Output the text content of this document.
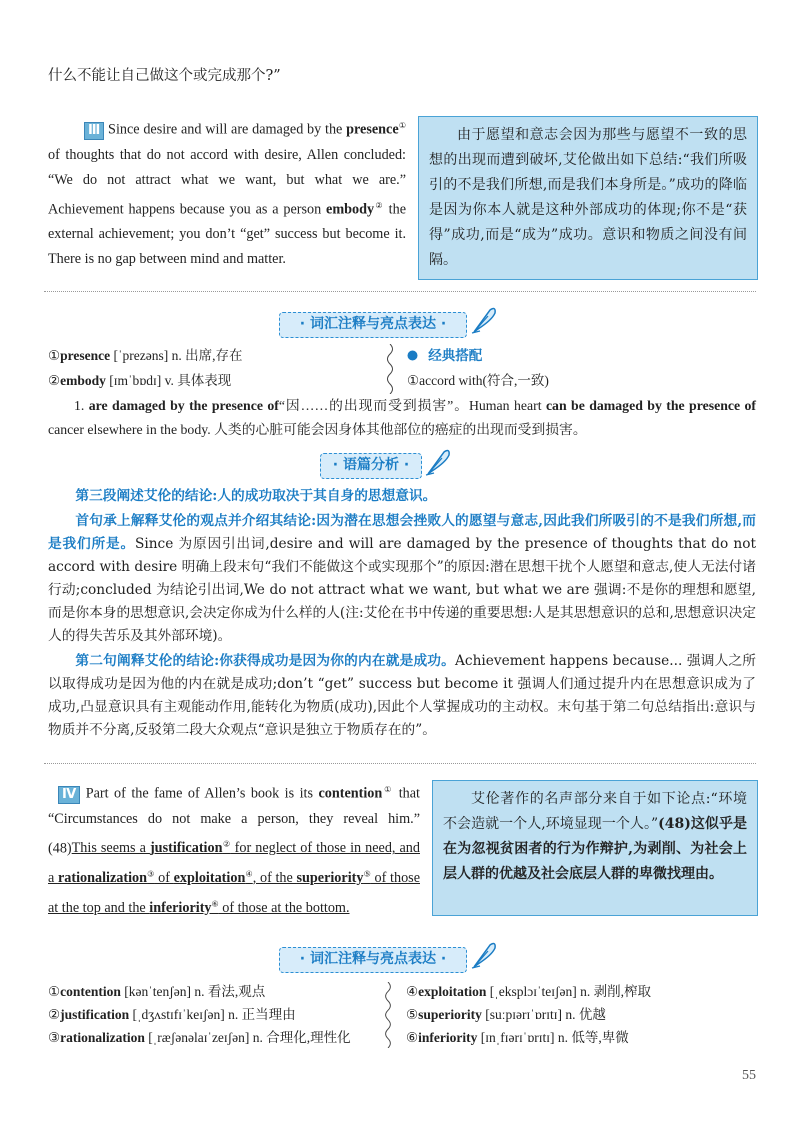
什么不能让自己做这个或完成那个?”
Ⅲ Since desire and will are damaged by the presence① of thoughts that do not accord with desire, Allen concluded: “We do not attract what we want, but what we are.” Achievement happens because you as a person embody② the external achievement; you don’t “get” success but become it. There is no gap between mind and matter.

由于愿望和意志会因为那些与愿望不一致的思想的出现而遭到破坏,艾伦做出如下总结:“我们所吸引的不是我们所想,而是我们本身所是。”成功的降临是因为你本人就是这种外部成功的体现;你不是“获得”成功,而是“成为”成功。意识和物质之间没有间隔。

· 词汇注释与亮点表达 ·
①presence [ˈprezəns] n. 出席,存在
②embody [ɪmˈbɒdɪ] v. 具体表现
经典搭配
①accord with(符合,一致)
1. are damaged by the presence of“因……的出现而受到损害”。Human heart can be damaged by the presence of cancer elsewhere in the body. 人类的心脏可能会因身体其他部位的癌症的出现而受到损害。
· 语篇分析 ·

第三段阐述艾伦的结论:人的成功取决于其自身的思想意识。

首句承上解释艾伦的观点并介绍其结论:因为潜在思想会挫败人的愿望与意志,因此我们所吸引的不是我们所想,而是我们所是。Since 为原因引出词,desire and will are damaged by the presence of thoughts that do not accord with desire 明确上段末句“我们不能做这个或实现那个”的原因:潜在思想干扰个人愿望和意志,使人无法付诸行动;concluded 为结论引出词,We do not attract what we want, but what we are 强调:不是你的理想和愿望,而是你本身的思想意识,会决定你成为什么样的人(注:艾伦在书中传递的重要思想:人是其思想意识的总和,思想意识决定人的得失苦乐及其外部环境)。

第二句阐释艾伦的结论:你获得成功是因为你的内在就是成功。Achievement happens because... 强调人之所以取得成功是因为他的内在就是成功;don’t “get” success but become it 强调人们通过提升内在思想意识成为了成功,凸显意识具有主观能动作用,能转化为物质(成功),因此个人掌握成功的主动权。末句基于第二句总结指出:意识与物质并不分离,反驳第二段大众观点“意识是独立于物质存在的”。

Ⅳ Part of the fame of Allen’s book is its contention① that “Circumstances do not make a person, they reveal him.” (48)This seems a justification② for neglect of those in need, and a rationalization③ of exploitation④, of the superiority⑤ of those at the top and the inferiority⑥ of those at the bottom.

艾伦著作的名声部分来自于如下论点:“环境不会造就一个人,环境显现一个人。”(48)这似乎是在为忽视贫困者的行为作辩护,为剥削、为社会上层人群的优越及社会底层人群的卑微找理由。

· 词汇注释与亮点表达 ·
①contention [kənˈtenʃən] n. 看法,观点
②justification [ˌdʒʌstɪfɪˈkeɪʃən] n. 正当理由
③rationalization [ˌræʃənəlaɪˈzeɪʃən] n. 合理化,理性化
④exploitation [ˌeksplɔɪˈteɪʃən] n. 剥削,榨取
⑤superiority [suːpɪərɪˈɒrɪtɪ] n. 优越
⑥inferiority [ɪnˌfɪərɪˈɒrɪtɪ] n. 低等,卑微
55
